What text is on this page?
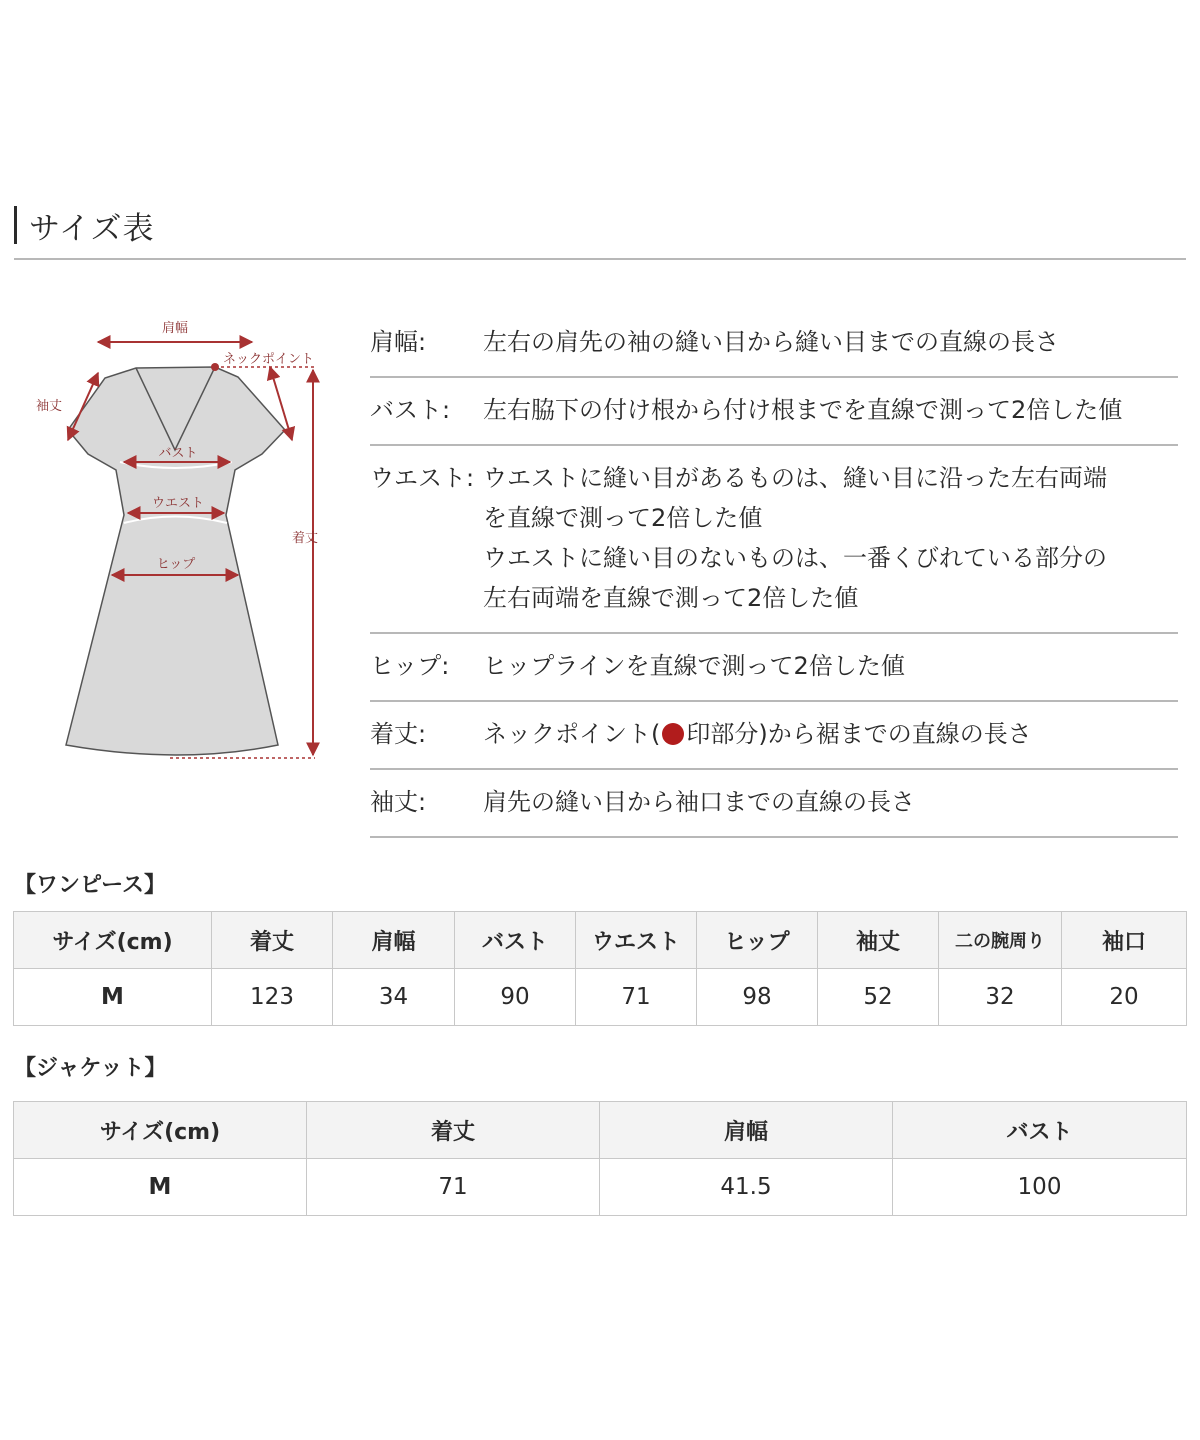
サイズ表
肩幅
ネックポイント
袖丈
バスト
ウエスト
ヒップ
着丈
肩幅:	左右の肩先の袖の縫い目から縫い目までの直線の長さ
バスト:	左右脇下の付け根から付け根までを直線で測って2倍した値
ウエスト: ウエストに縫い目があるものは、縫い目に沿った左右両端
を直線で測って2倍した値
ウエストに縫い目のないものは、一番くびれている部分の
左右両端を直線で測って2倍した値
ヒップ:	ヒップラインを直線で測って2倍した値
着丈:	ネックポイント( 印部分)から裾までの直線の長さ
袖丈:	肩先の縫い目から袖口までの直線の長さ
【ワンピース】
サイズ(cm)	着丈	肩幅	バスト	ウエスト	ヒップ	袖丈	二の腕周り	袖口
M	123	34	90	71	98	52	32	20
【ジャケット】
サイズ(cm)	着丈	肩幅	バスト
M	71	41.5	100
